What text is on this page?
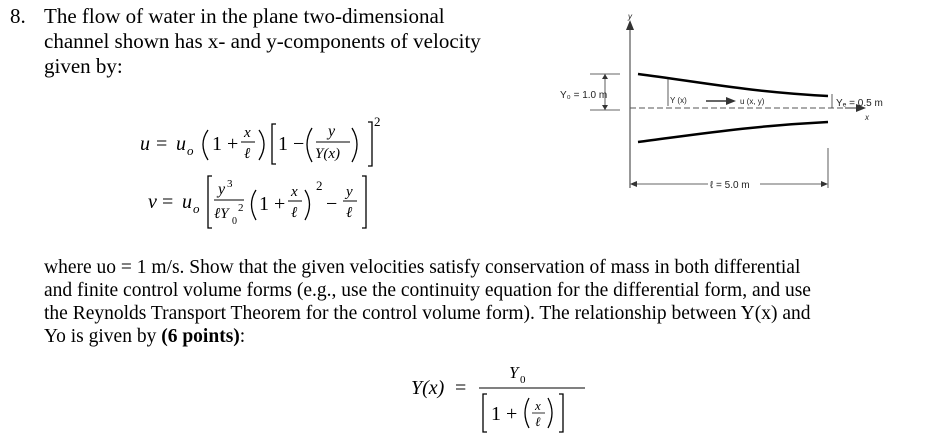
8. The flow of water in the plane two-dimensional
channel shown has x- and y-components of velocity
given by:
u = u o 1 + x
ℓ 1 −
y
Y(x)
2
v = u o
y 3
ℓY 0
2 1 +
x
ℓ
2
−
y
ℓ
y
x
Y₀ = 1.0 m	Y (x)	u (x, y)	Yₑ = 0.5 m
ℓ = 5.0 m
where uo = 1 m/s. Show that the given velocities satisfy conservation of mass in both differential
and finite control volume forms (e.g., use the continuity equation for the differential form, and use
the Reynolds Transport Theorem for the control volume form). The relationship between Y(x) and
Yo is given by (6 points):
Y(x) =
Y 0
1 + x
ℓ
